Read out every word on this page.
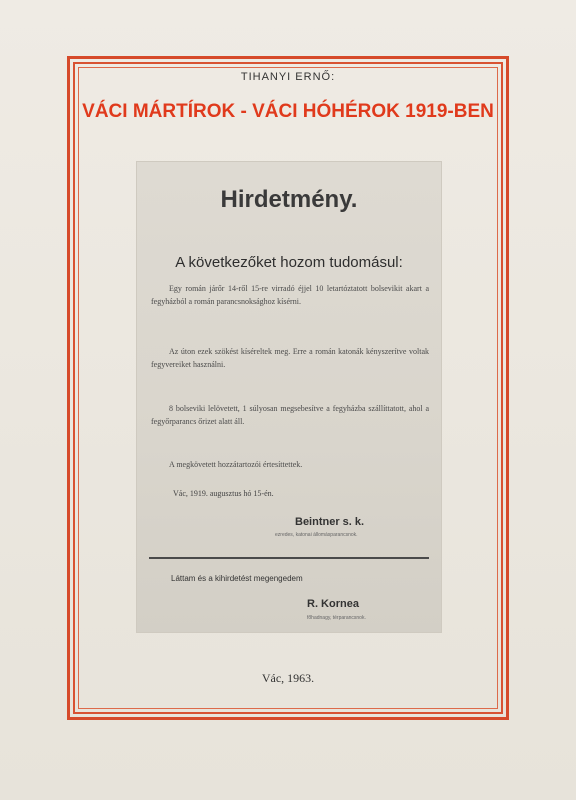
TIHANYI ERNŐ:
VÁCI MÁRTÍROK - VÁCI HÓHÉROK 1919-BEN
Hirdetmény.
A következőket hozom tudomásul:
Egy román járőr 14-ről 15-re virradó éjjel 10 letartóztatott bolsevikit akart a fegyházból a román parancsnoksághoz kísérni.
Az úton ezek szökést kíséreltek meg. Erre a román katonák kényszerítve voltak fegyvereiket használni.
8 bolseviki lelövetett, 1 súlyosan megsebesítve a fegyházba szállíttatott, ahol a fegyőrparancs őrizet alatt áll.
A megkövetett hozzátartozói értesíttettek.
Vác, 1919. augusztus hó 15-én.
Beintner s. k.
ezredes, katonai állomásparancsnok.
Láttam és a kihirdetést megengedem
R. Kornea
főhadnagy, térparancsnok.
Vác, 1963.
